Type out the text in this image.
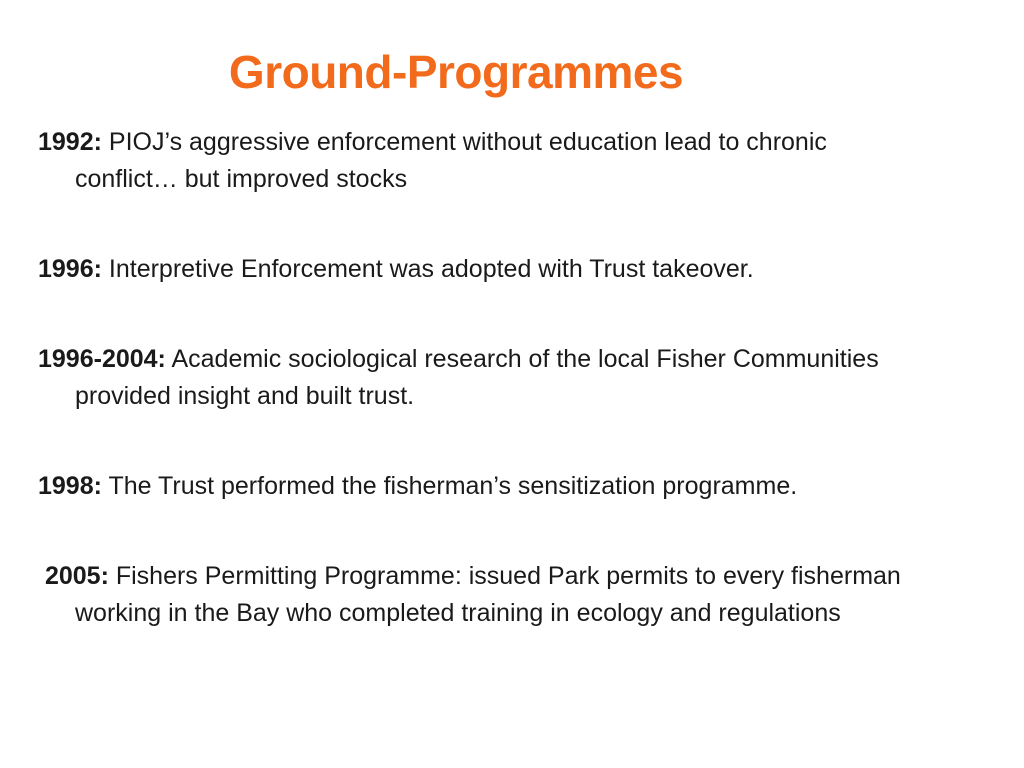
Ground-Programmes
1992: PIOJ’s aggressive enforcement without education lead to chronic conflict… but improved stocks
1996: Interpretive Enforcement was adopted with Trust takeover.
1996-2004: Academic sociological research of the local Fisher Communities provided insight and built trust.
1998: The Trust performed the fisherman’s sensitization programme.
2005: Fishers Permitting Programme: issued Park permits to every fisherman working in the Bay who completed training in ecology and regulations
